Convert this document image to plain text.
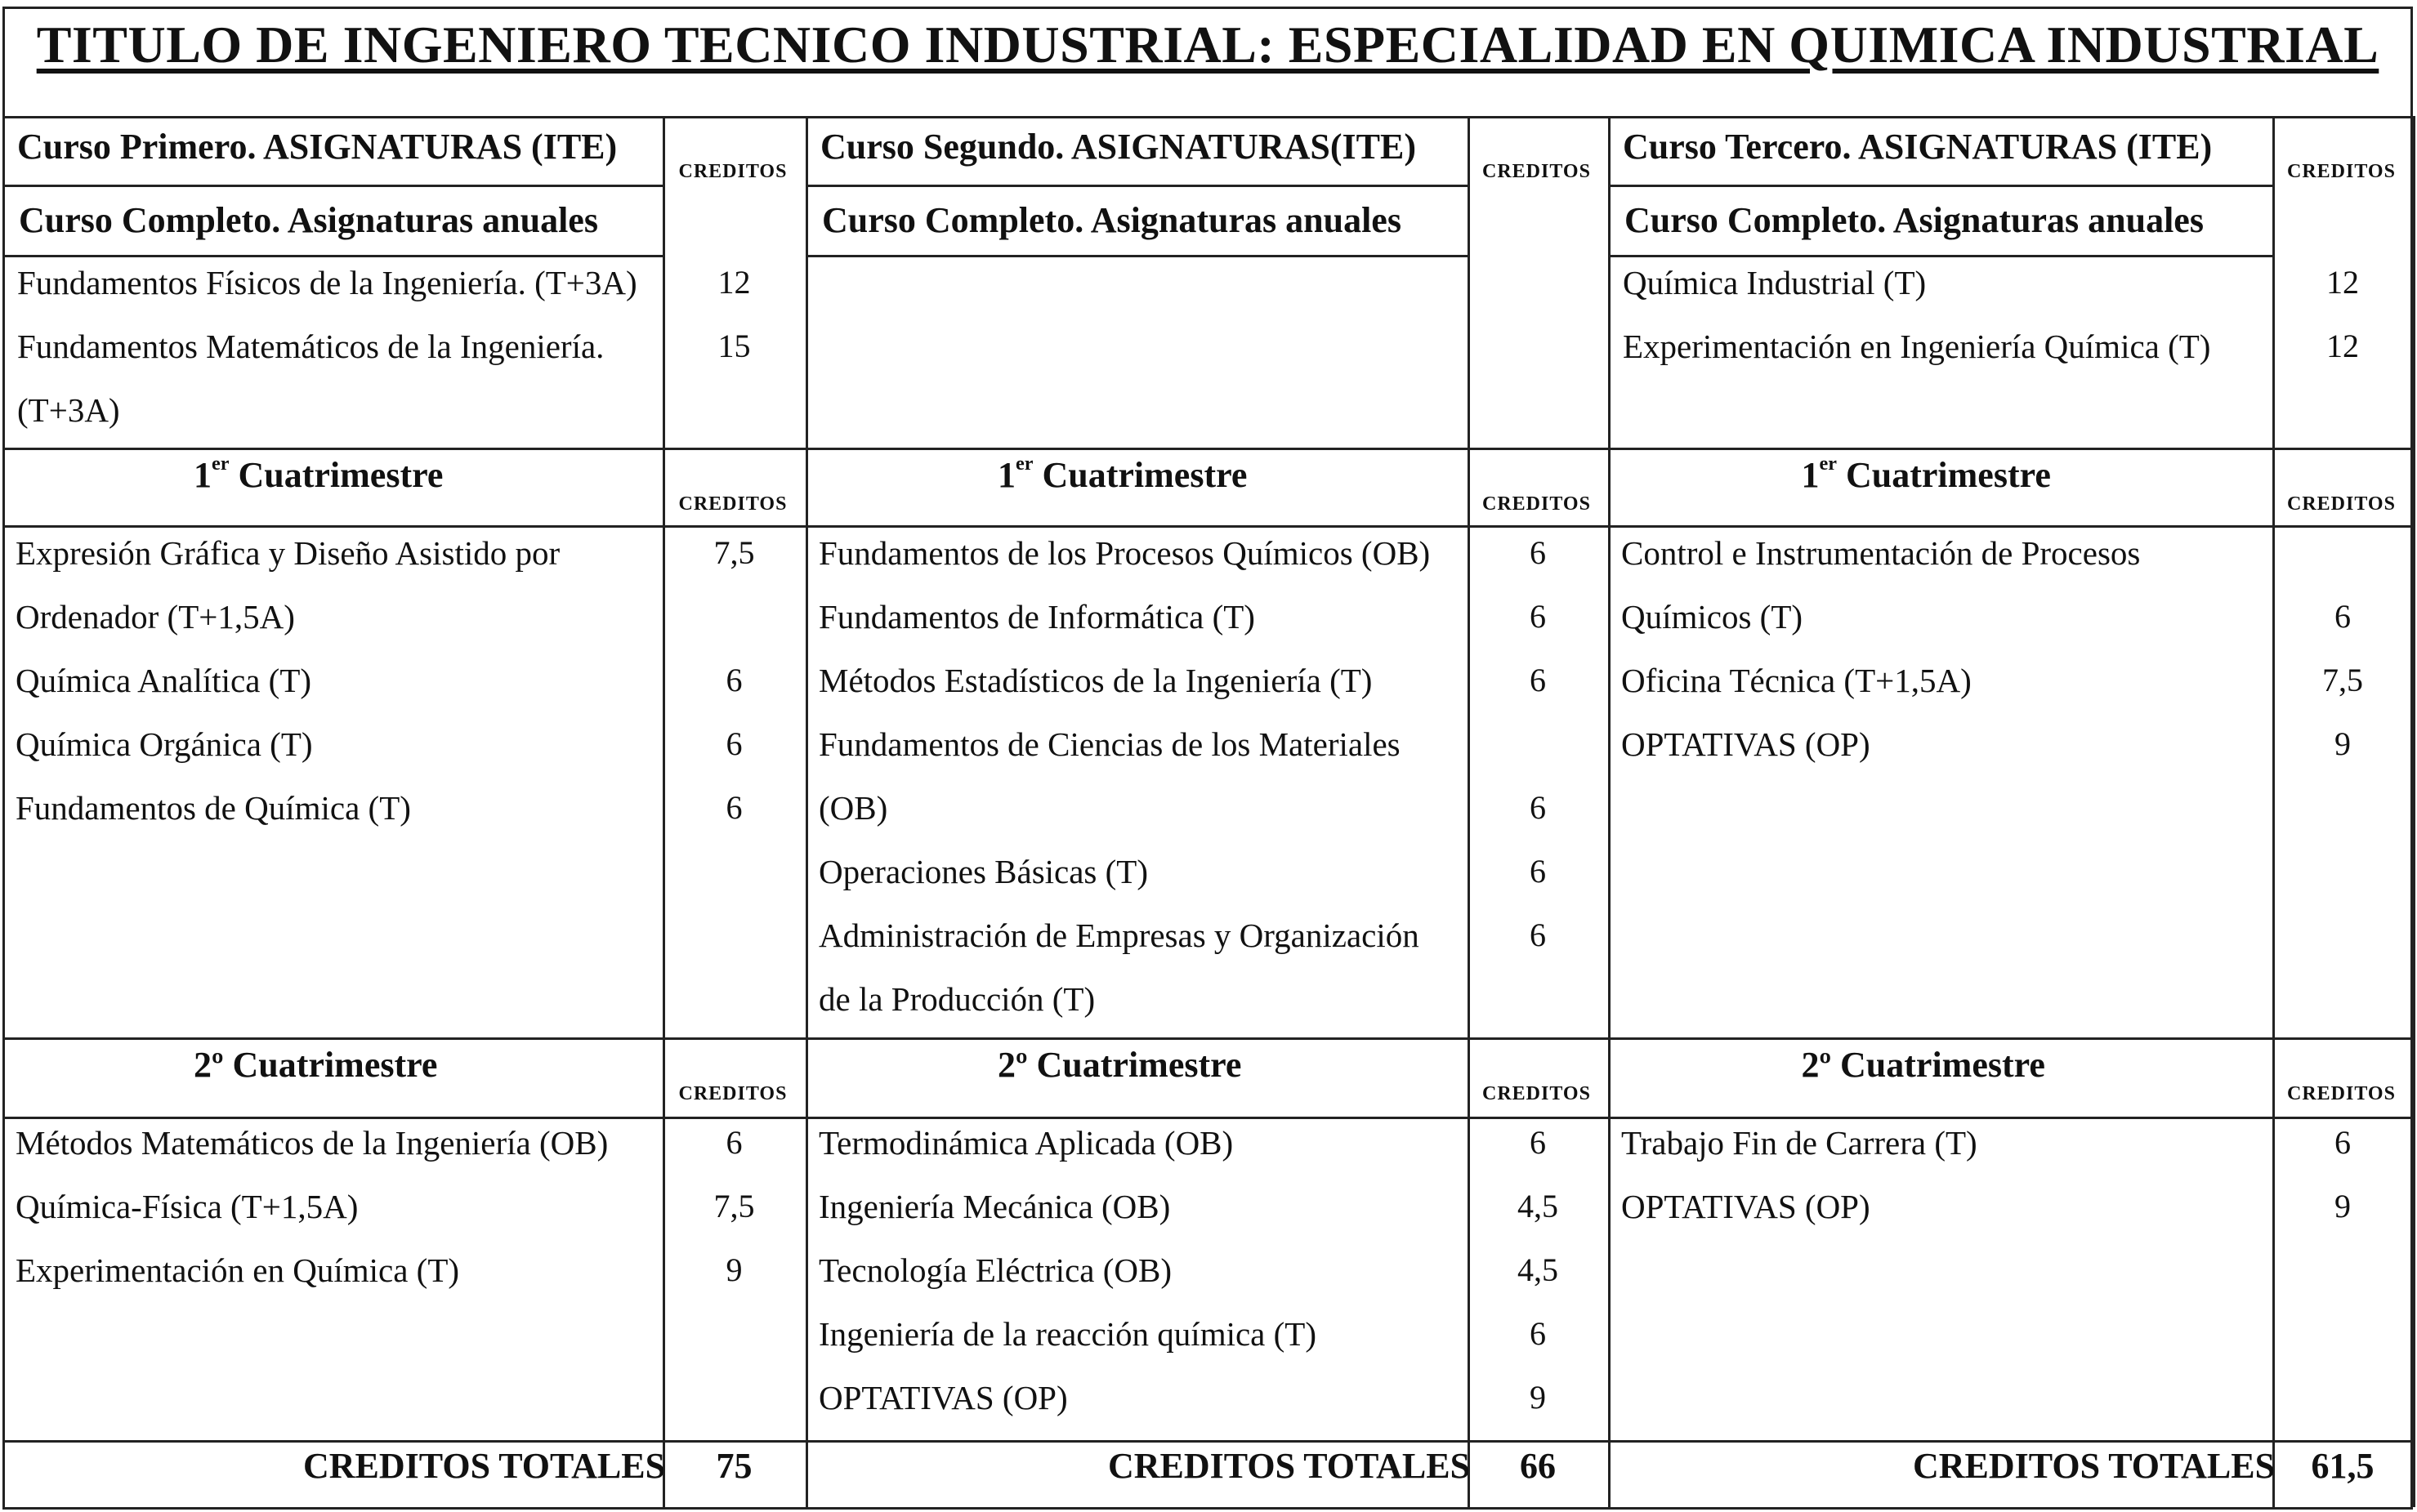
TITULO DE INGENIERO TECNICO INDUSTRIAL: ESPECIALIDAD EN QUIMICA INDUSTRIAL
Curso Primero. ASIGNATURAS (ITE)
Curso Completo. Asignaturas anuales
CREDITOS
Fundamentos Físicos de la Ingeniería. (T+3A)	12
Fundamentos Matemáticos de la Ingeniería.	15
(T+3A)
1er Cuatrimestre
CREDITOS
Expresión Gráfica y Diseño Asistido por	7,5
Ordenador (T+1,5A)
Química Analítica (T)	6
Química Orgánica (T)	6
Fundamentos de Química (T)	6
2º Cuatrimestre
CREDITOS
Métodos Matemáticos de la Ingeniería (OB)	6
Química-Física (T+1,5A)	7,5
Experimentación en Química (T)	9
CREDITOS TOTALES	75
Curso Segundo. ASIGNATURAS(ITE)
Curso Completo. Asignaturas anuales
CREDITOS
1er Cuatrimestre
CREDITOS
Fundamentos de los Procesos Químicos (OB)	6
Fundamentos de Informática (T)	6
Métodos Estadísticos de la Ingeniería (T)	6
Fundamentos de Ciencias de los Materiales
(OB)	6
Operaciones Básicas (T)	6
Administración de Empresas y Organización	6
de la Producción (T)
2º Cuatrimestre
CREDITOS
Termodinámica Aplicada (OB)	6
Ingeniería Mecánica (OB)	4,5
Tecnología Eléctrica (OB)	4,5
Ingeniería de la reacción química (T)	6
OPTATIVAS (OP)	9
CREDITOS TOTALES	66
Curso Tercero. ASIGNATURAS (ITE)
Curso Completo. Asignaturas anuales
CREDITOS
Química Industrial (T)	12
Experimentación en Ingeniería Química (T)	12
1er Cuatrimestre
CREDITOS
Control e Instrumentación de Procesos
Químicos (T)	6
Oficina Técnica (T+1,5A)	7,5
OPTATIVAS (OP)	9
2º Cuatrimestre
CREDITOS
Trabajo Fin de Carrera (T)	6
OPTATIVAS (OP)	9
CREDITOS TOTALES	61,5
